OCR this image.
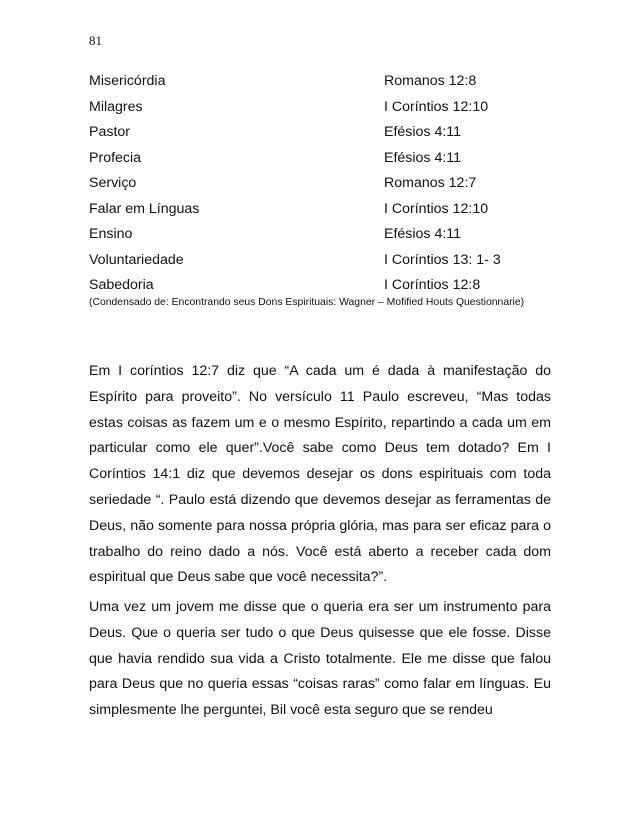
81
Misericórdia	Romanos 12:8
Milagres	I Coríntios 12:10
Pastor	Efésios 4:11
Profecia	Efésios 4:11
Serviço	Romanos 12:7
Falar em Línguas	I Coríntios 12:10
Ensino	Efésios 4:11
Voluntariedade	I Coríntios 13: 1- 3
Sabedoria	I Coríntios 12:8
(Condensado de: Encontrando seus Dons Espirituais: Wagner – Mofified Houts Questionnarie)

Em I coríntios 12:7 diz que “A cada um é dada à manifestação do Espírito para proveito”. No versículo 11 Paulo escreveu, “Mas todas estas coisas as fazem um e o mesmo Espírito, repartindo a cada um em particular como ele quer”.Você sabe como Deus tem dotado? Em I Coríntios 14:1 diz que devemos desejar os dons espirituais com toda seriedade “. Paulo está dizendo que devemos desejar as ferramentas de Deus, não somente para nossa própria glória, mas para ser eficaz para o trabalho do reino dado a nós. Você está aberto a receber cada dom espiritual que Deus sabe que você necessita?”.

Uma vez um jovem me disse que o queria era ser um instrumento para Deus. Que o queria ser tudo o que Deus quisesse que ele fosse. Disse que havia rendido sua vida a Cristo totalmente. Ele me disse que falou para Deus que no queria essas “coisas raras” como falar em línguas. Eu simplesmente lhe perguntei, Bil você esta seguro que se rendeu
